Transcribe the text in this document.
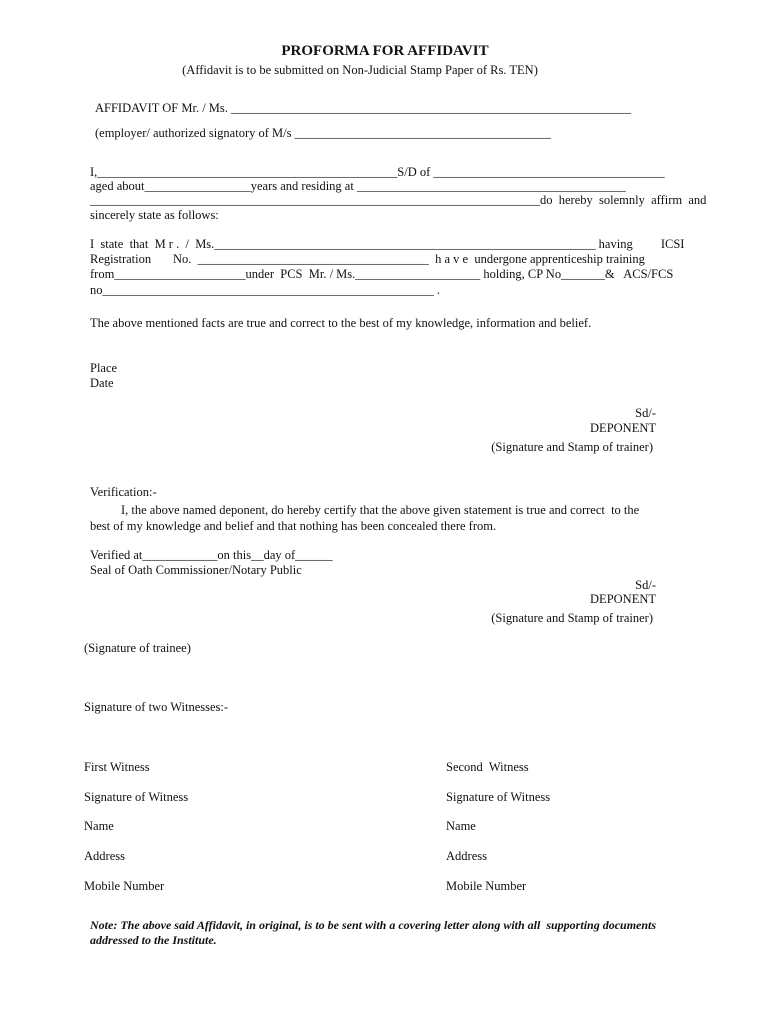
PROFORMA FOR AFFIDAVIT
(Affidavit is to be submitted on Non-Judicial Stamp Paper of Rs. TEN)
AFFIDAVIT OF Mr. / Ms. ________________________________________________________________
(employer/ authorized signatory of M/s _________________________________________
I,________________________________________________S/D of _____________________________________
aged about_________________years and residing at ___________________________________________
________________________________________________________________________do  hereby  solemnly  affirm  and
sincerely state as follows:
I  state  that  M r .  /  Ms._____________________________________________________________ having         ICSI
Registration       No.  _____________________________________  h a v e  undergone apprenticeship training
from_____________________under  PCS  Mr. / Ms.____________________ holding, CP No_______&   ACS/FCS
no_____________________________________________________ .
The above mentioned facts are true and correct to the best of my knowledge, information and belief.
Place
Date
Sd/-
DEPONENT
(Signature and Stamp of trainer)
Verification:-
I, the above named deponent, do hereby certify that the above given statement is true and correct  to the
best of my knowledge and belief and that nothing has been concealed there from.
Verified at____________on this__day of______
Seal of Oath Commissioner/Notary Public
Sd/-
DEPONENT
(Signature and Stamp of trainer)
(Signature of trainee)
Signature of two Witnesses:-
First Witness
Signature of Witness
Name
Address
Mobile Number
Second  Witness
Signature of Witness
Name
Address
Mobile Number
Note: The above said Affidavit, in original, is to be sent with a covering letter along with all  supporting documents
addressed to the Institute.
